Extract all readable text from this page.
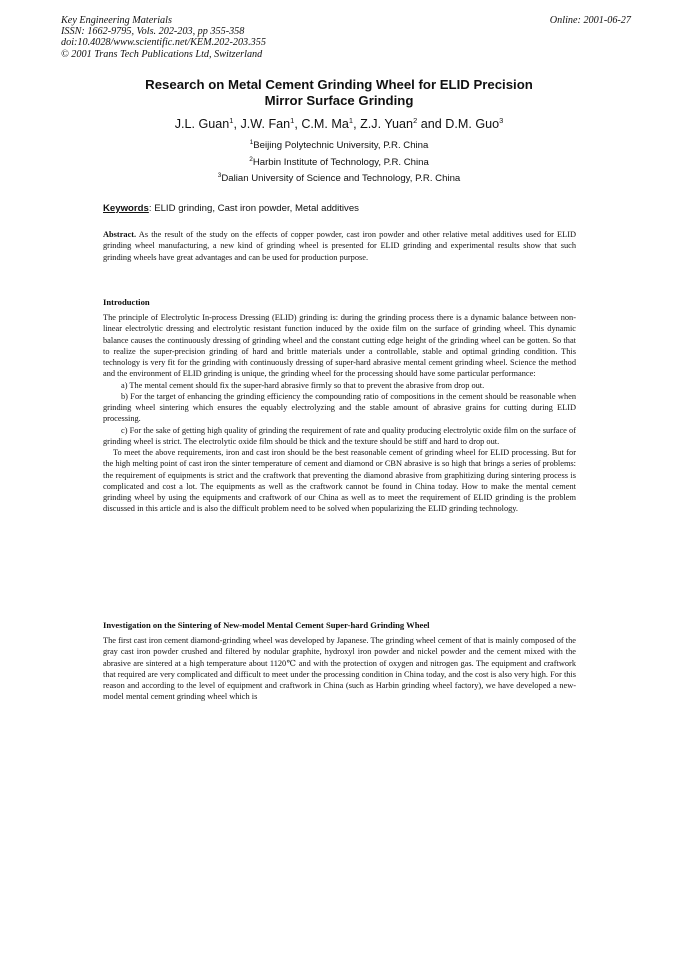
Key Engineering Materials
ISSN: 1662-9795, Vols. 202-203, pp 355-358
doi:10.4028/www.scientific.net/KEM.202-203.355
© 2001 Trans Tech Publications Ltd, Switzerland
Online: 2001-06-27
Research on Metal Cement Grinding Wheel for ELID Precision
Mirror Surface Grinding
J.L. Guan$^1$, J.W. Fan$^1$, C.M. Ma$^1$, Z.J. Yuan$^2$ and D.M. Guo$^3$
$^1$Beijing Polytechnic University, P.R. China
$^2$Harbin Institute of Technology, P.R. China
$^3$Dalian University of Science and Technology, P.R. China
Keywords: ELID grinding, Cast iron powder, Metal additives

Abstract. As the result of the study on the effects of copper powder, cast iron powder and other relative metal additives used for ELID grinding wheel manufacturing, a new kind of grinding wheel is presented for ELID grinding and experimental results show that such grinding wheels have great advantages and can be used for production purpose.

Introduction

The principle of Electrolytic In-process Dressing (ELID) grinding is: during the grinding process there is a dynamic balance between non-linear electrolytic dressing and electrolytic resistant function induced by the oxide film on the surface of grinding wheel. This dynamic balance causes the continuously dressing of grinding wheel and the constant cutting edge height of the grinding wheel can be gotten. So that to realize the super-precision grinding of hard and brittle materials under a controllable, stable and optimal grinding condition. This technology is very fit for the grinding with continuously dressing of super-hard abrasive mental cement grinding wheel. Science the method and the environment of ELID grinding is unique, the grinding wheel for the processing should have some particular performance:

a) The mental cement should fix the super-hard abrasive firmly so that to prevent the abrasive from drop out.

b) For the target of enhancing the grinding efficiency the compounding ratio of compositions in the cement should be reasonable when grinding wheel sintering which ensures the equably electrolyzing and the stable amount of abrasive grains for cutting during ELID processing.

c) For the sake of getting high quality of grinding the requirement of rate and quality producing electrolytic oxide film on the surface of grinding wheel is strict. The electrolytic oxide film should be thick and the texture should be stiff and hard to drop out.

To meet the above requirements, iron and cast iron should be the best reasonable cement of grinding wheel for ELID processing. But for the high melting point of cast iron the sinter temperature of cement and diamond or CBN abrasive is so high that brings a series of problems: the requirement of equipments is strict and the craftwork that preventing the diamond abrasive from graphitizing during sintering process is complicated and cost a lot. The equipments as well as the craftwork cannot be found in China today. How to make the mental cement grinding wheel by using the equipments and craftwork of our China as well as to meet the requirement of ELID grinding is the problem discussed in this article and is also the difficult problem need to be solved when popularizing the ELID grinding technology.

Investigation on the Sintering of New-model Mental Cement Super-hard Grinding Wheel

The first cast iron cement diamond-grinding wheel was developed by Japanese. The grinding wheel cement of that is mainly composed of the gray cast iron powder crushed and filtered by nodular graphite, hydroxyl iron powder and nickel powder and the cement mixed with the abrasive are sintered at a high temperature about 1120℃ and with the protection of oxygen and nitrogen gas. The equipment and craftwork that required are very complicated and difficult to meet under the processing condition in China today, and the cost is also very high. For this reason and according to the level of equipment and craftwork in China (such as Harbin grinding wheel factory), we have developed a new-model mental cement grinding wheel which is
